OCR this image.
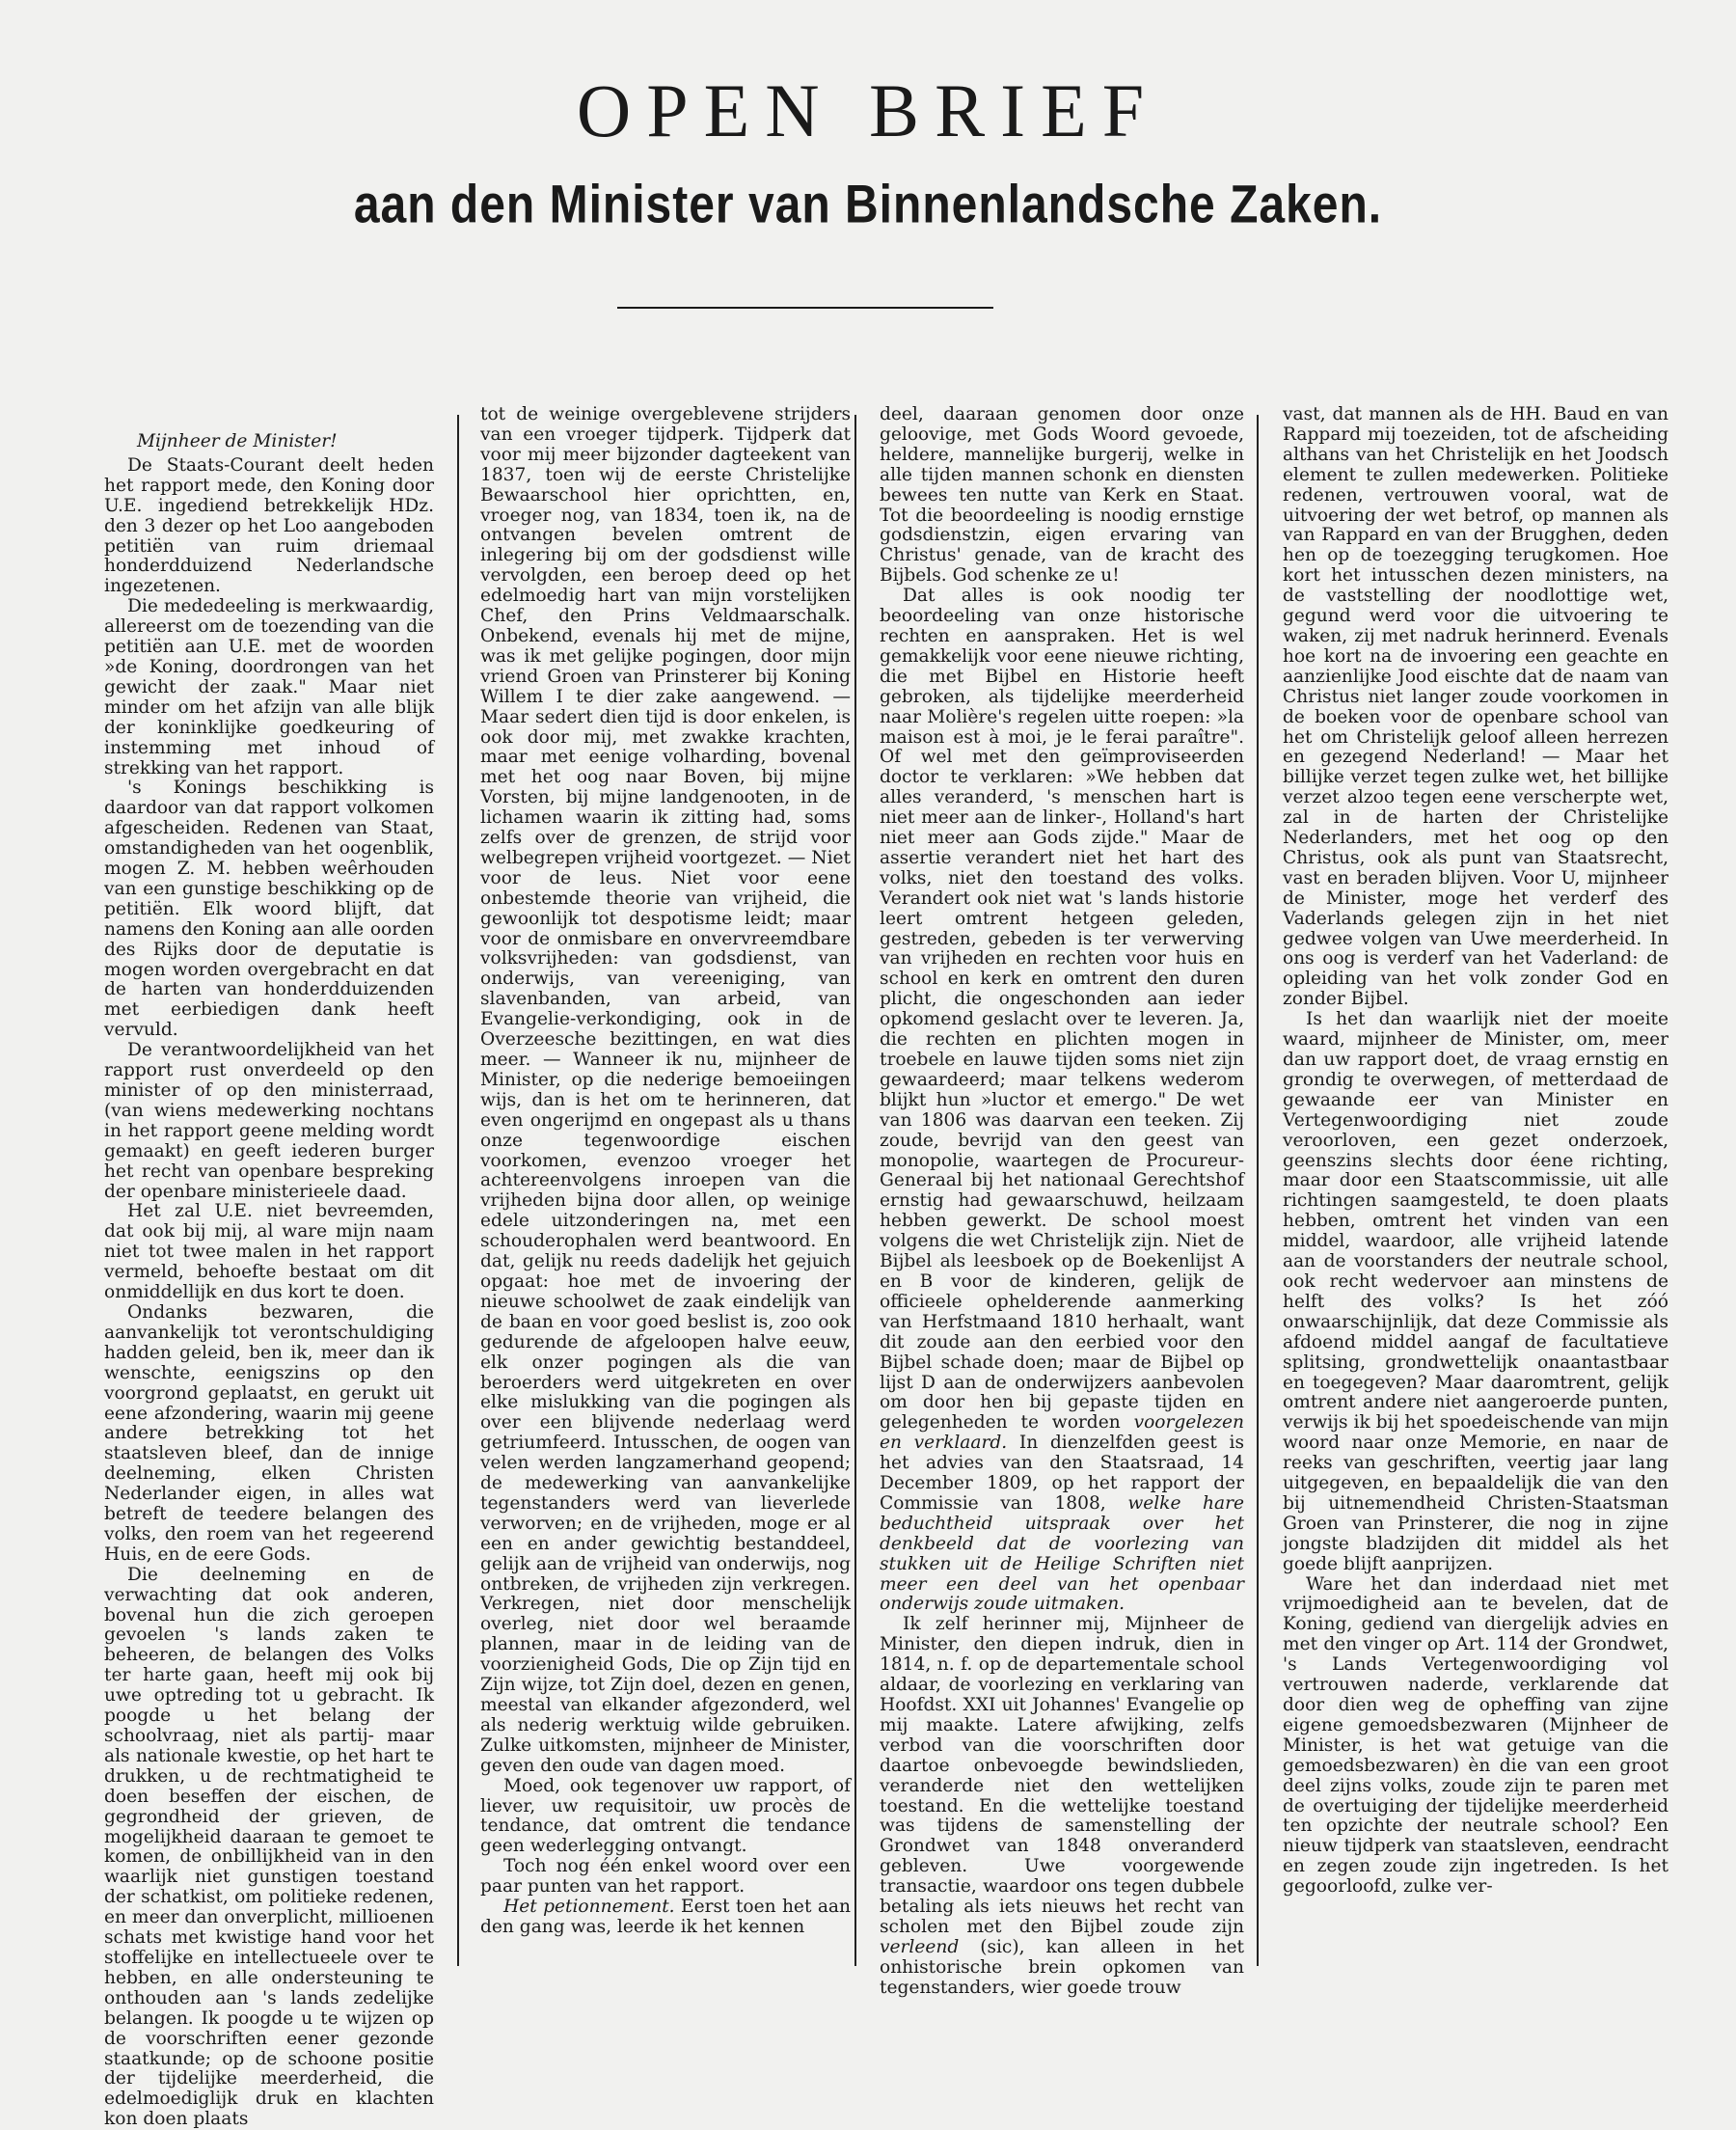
OPEN BRIEF
aan den Minister van Binnenlandsche Zaken.

Mijnheer de Minister!

De Staats-Courant deelt heden het rapport mede, den Koning door U.E. ingediend betrekkelijk HDz. den 3 dezer op het Loo aangeboden petitiën van ruim driemaal honderdduizend Nederlandsche ingezetenen.

Die mededeeling is merkwaardig, allereerst om de toezending van die petitiën aan U.E. met de woorden »de Koning, doordrongen van het gewicht der zaak." Maar niet minder om het afzijn van alle blijk der koninklijke goedkeuring of instemming met inhoud of strekking van het rapport.

's Konings beschikking is daardoor van dat rapport volkomen afgescheiden. Redenen van Staat, omstandigheden van het oogenblik, mogen Z. M. hebben weêrhouden van een gunstige beschikking op de petitiën. Elk woord blijft, dat namens den Koning aan alle oorden des Rijks door de deputatie is mogen worden overgebracht en dat de harten van honderdduizenden met eerbiedigen dank heeft vervuld.

De verantwoordelijkheid van het rapport rust onverdeeld op den minister of op den ministerraad, (van wiens medewerking nochtans in het rapport geene melding wordt gemaakt) en geeft iederen burger het recht van openbare bespreking der openbare ministerieele daad.

Het zal U.E. niet bevreemden, dat ook bij mij, al ware mijn naam niet tot twee malen in het rapport vermeld, behoefte bestaat om dit onmiddellijk en dus kort te doen.

Ondanks bezwaren, die aanvankelijk tot verontschuldiging hadden geleid, ben ik, meer dan ik wenschte, eenigszins op den voorgrond geplaatst, en gerukt uit eene afzondering, waarin mij geene andere betrekking tot het staatsleven bleef, dan de innige deelneming, elken Christen Nederlander eigen, in alles wat betreft de teedere belangen des volks, den roem van het regeerend Huis, en de eere Gods.

Die deelneming en de verwachting dat ook anderen, bovenal hun die zich geroepen gevoelen 's lands zaken te beheeren, de belangen des Volks ter harte gaan, heeft mij ook bij uwe optreding tot u gebracht. Ik poogde u het belang der schoolvraag, niet als partij- maar als nationale kwestie, op het hart te drukken, u de rechtmatigheid te doen beseffen der eischen, de gegrondheid der grieven, de mogelijkheid daaraan te gemoet te komen, de onbillijkheid van in den waarlijk niet gunstigen toestand der schatkist, om politieke redenen, en meer dan onverplicht, millioenen schats met kwistige hand voor het stoffelijke en intellectueele over te hebben, en alle ondersteuning te onthouden aan 's lands zedelijke belangen. Ik poogde u te wijzen op de voorschriften eener gezonde staatkunde; op de schoone positie der tijdelijke meerderheid, die edelmoediglijk druk en klachten kon doen plaats

tot de weinige overgeblevene strijders van een vroeger tijdperk. Tijdperk dat voor mij meer bijzonder dagteekent van 1837, toen wij de eerste Christelijke Bewaarschool hier oprichtten, en, vroeger nog, van 1834, toen ik, na de ontvangen bevelen omtrent de inlegering bij om der godsdienst wille vervolgden, een beroep deed op het edelmoedig hart van mijn vorstelijken Chef, den Prins Veldmaarschalk. Onbekend, evenals hij met de mijne, was ik met gelijke pogingen, door mijn vriend Groen van Prinsterer bij Koning Willem I te dier zake aangewend. — Maar sedert dien tijd is door enkelen, is ook door mij, met zwakke krachten, maar met eenige volharding, bovenal met het oog naar Boven, bij mijne Vorsten, bij mijne landgenooten, in de lichamen waarin ik zitting had, soms zelfs over de grenzen, de strijd voor welbegrepen vrijheid voortgezet. — Niet voor de leus. Niet voor eene onbestemde theorie van vrijheid, die gewoonlijk tot despotisme leidt; maar voor de onmisbare en onvervreemdbare volksvrijheden: van godsdienst, van onderwijs, van vereeniging, van slavenbanden, van arbeid, van Evangelie-verkondiging, ook in de Overzeesche bezittingen, en wat dies meer. — Wanneer ik nu, mijnheer de Minister, op die nederige bemoeiingen wijs, dan is het om te herinneren, dat even ongerijmd en ongepast als u thans onze tegenwoordige eischen voorkomen, evenzoo vroeger het achtereenvolgens inroepen van die vrijheden bijna door allen, op weinige edele uitzonderingen na, met een schouderophalen werd beantwoord. En dat, gelijk nu reeds dadelijk het gejuich opgaat: hoe met de invoering der nieuwe schoolwet de zaak eindelijk van de baan en voor goed beslist is, zoo ook gedurende de afgeloopen halve eeuw, elk onzer pogingen als die van beroerders werd uitgekreten en over elke mislukking van die pogingen als over een blijvende nederlaag werd getriumfeerd. Intusschen, de oogen van velen werden langzamerhand geopend; de medewerking van aanvankelijke tegenstanders werd van lieverlede verworven; en de vrijheden, moge er al een en ander gewichtig bestanddeel, gelijk aan de vrijheid van onderwijs, nog ontbreken, de vrijheden zijn verkregen. Verkregen, niet door menschelijk overleg, niet door wel beraamde plannen, maar in de leiding van de voorzienigheid Gods, Die op Zijn tijd en Zijn wijze, tot Zijn doel, dezen en genen, meestal van elkander afgezonderd, wel als nederig werktuig wilde gebruiken. Zulke uitkomsten, mijnheer de Minister, geven den oude van dagen moed.

Moed, ook tegenover uw rapport, of liever, uw requisitoir, uw procès de tendance, dat omtrent die tendance geen wederlegging ontvangt.

Toch nog één enkel woord over een paar punten van het rapport.

Het petionnement. Eerst toen het aan den gang was, leerde ik het kennen

deel, daaraan genomen door onze geloovige, met Gods Woord gevoede, heldere, mannelijke burgerij, welke in alle tijden mannen schonk en diensten bewees ten nutte van Kerk en Staat. Tot die beoordeeling is noodig ernstige godsdienstzin, eigen ervaring van Christus' genade, van de kracht des Bijbels. God schenke ze u!

Dat alles is ook noodig ter beoordeeling van onze historische rechten en aanspraken. Het is wel gemakkelijk voor eene nieuwe richting, die met Bijbel en Historie heeft gebroken, als tijdelijke meerderheid naar Molière's regelen uitte roepen: »la maison est à moi, je le ferai paraître". Of wel met den geïmproviseerden doctor te verklaren: »We hebben dat alles veranderd, 's menschen hart is niet meer aan de linker-, Holland's hart niet meer aan Gods zijde." Maar de assertie verandert niet het hart des volks, niet den toestand des volks. Verandert ook niet wat 's lands historie leert omtrent hetgeen geleden, gestreden, gebeden is ter verwerving van vrijheden en rechten voor huis en school en kerk en omtrent den duren plicht, die ongeschonden aan ieder opkomend geslacht over te leveren. Ja, die rechten en plichten mogen in troebele en lauwe tijden soms niet zijn gewaardeerd; maar telkens wederom blijkt hun »luctor et emergo." De wet van 1806 was daarvan een teeken. Zij zoude, bevrijd van den geest van monopolie, waartegen de Procureur-Generaal bij het nationaal Gerechtshof ernstig had gewaarschuwd, heilzaam hebben gewerkt. De school moest volgens die wet Christelijk zijn. Niet de Bijbel als leesboek op de Boekenlijst A en B voor de kinderen, gelijk de officieele ophelderende aanmerking van Herfstmaand 1810 herhaalt, want dit zoude aan den eerbied voor den Bijbel schade doen; maar de Bijbel op lijst D aan de onderwijzers aanbevolen om door hen bij gepaste tijden en gelegenheden te worden voorgelezen en verklaard. In dienzelfden geest is het advies van den Staatsraad, 14 December 1809, op het rapport der Commissie van 1808, welke hare beduchtheid uitspraak over het denkbeeld dat de voorlezing van stukken uit de Heilige Schriften niet meer een deel van het openbaar onderwijs zoude uitmaken.

Ik zelf herinner mij, Mijnheer de Minister, den diepen indruk, dien in 1814, n. f. op de departementale school aldaar, de voorlezing en verklaring van Hoofdst. XXI uit Johannes' Evangelie op mij maakte. Latere afwijking, zelfs verbod van die voorschriften door daartoe onbevoegde bewindslieden, veranderde niet den wettelijken toestand. En die wettelijke toestand was tijdens de samenstelling der Grondwet van 1848 onveranderd gebleven. Uwe voorgewende transactie, waardoor ons tegen dubbele betaling als iets nieuws het recht van scholen met den Bijbel zoude zijn verleend (sic), kan alleen in het onhistorische brein opkomen van tegenstanders, wier goede trouw

vast, dat mannen als de HH. Baud en van Rappard mij toezeiden, tot de afscheiding althans van het Christelijk en het Joodsch element te zullen medewerken. Politieke redenen, vertrouwen vooral, wat de uitvoering der wet betrof, op mannen als van Rappard en van der Brugghen, deden hen op de toezegging terugkomen. Hoe kort het intusschen dezen ministers, na de vaststelling der noodlottige wet, gegund werd voor die uitvoering te waken, zij met nadruk herinnerd. Evenals hoe kort na de invoering een geachte en aanzienlijke Jood eischte dat de naam van Christus niet langer zoude voorkomen in de boeken voor de openbare school van het om Christelijk geloof alleen herrezen en gezegend Nederland! — Maar het billijke verzet tegen zulke wet, het billijke verzet alzoo tegen eene verscherpte wet, zal in de harten der Christelijke Nederlanders, met het oog op den Christus, ook als punt van Staatsrecht, vast en beraden blijven. Voor U, mijnheer de Minister, moge het verderf des Vaderlands gelegen zijn in het niet gedwee volgen van Uwe meerderheid. In ons oog is verderf van het Vaderland: de opleiding van het volk zonder God en zonder Bijbel.

Is het dan waarlijk niet der moeite waard, mijnheer de Minister, om, meer dan uw rapport doet, de vraag ernstig en grondig te overwegen, of metterdaad de gewaande eer van Minister en Vertegenwoordiging niet zoude veroorloven, een gezet onderzoek, geenszins slechts door éene richting, maar door een Staatscommissie, uit alle richtingen saamgesteld, te doen plaats hebben, omtrent het vinden van een middel, waardoor, alle vrijheid latende aan de voorstanders der neutrale school, ook recht wedervoer aan minstens de helft des volks? Is het zóó onwaarschijnlijk, dat deze Commissie als afdoend middel aangaf de facultatieve splitsing, grondwettelijk onaantastbaar en toegegeven? Maar daaromtrent, gelijk omtrent andere niet aangeroerde punten, verwijs ik bij het spoedeischende van mijn woord naar onze Memorie, en naar de reeks van geschriften, veertig jaar lang uitgegeven, en bepaaldelijk die van den bij uitnemendheid Christen-Staatsman Groen van Prinsterer, die nog in zijne jongste bladzijden dit middel als het goede blijft aanprijzen.

Ware het dan inderdaad niet met vrijmoedigheid aan te bevelen, dat de Koning, gediend van diergelijk advies en met den vinger op Art. 114 der Grondwet, 's Lands Vertegenwoordiging vol vertrouwen naderde, verklarende dat door dien weg de opheffing van zijne eigene gemoedsbezwaren (Mijnheer de Minister, is het wat getuige van die gemoedsbezwaren) èn die van een groot deel zijns volks, zoude zijn te paren met de overtuiging der tijdelijke meerderheid ten opzichte der neutrale school? Een nieuw tijdperk van staatsleven, eendracht en zegen zoude zijn ingetreden. Is het gegoorloofd, zulke ver-
